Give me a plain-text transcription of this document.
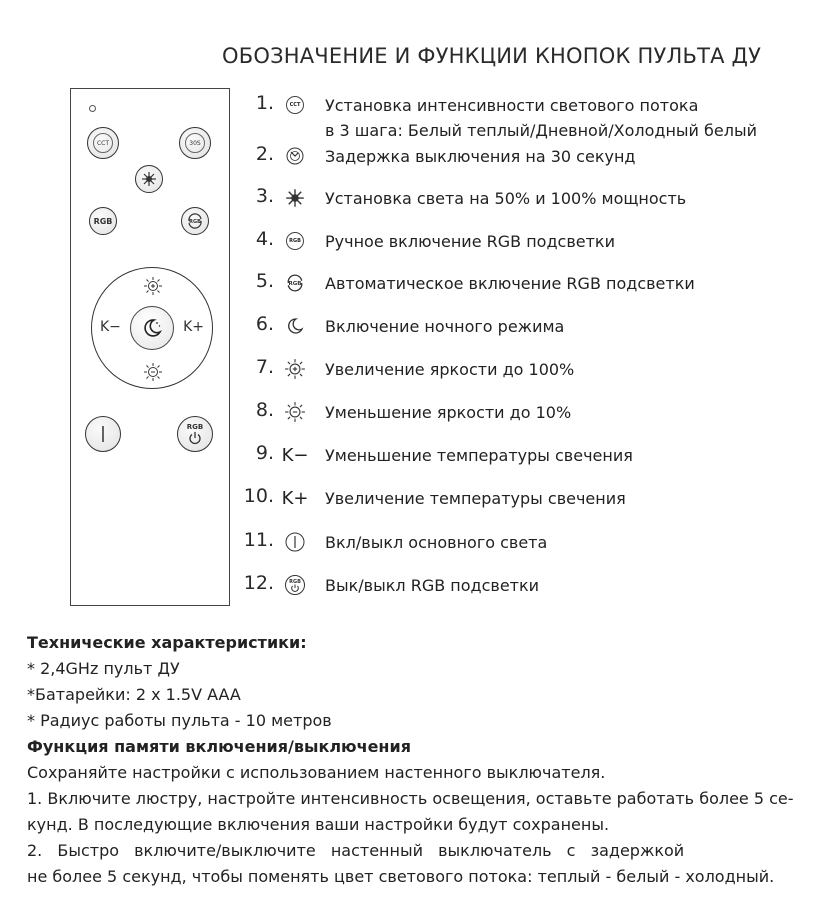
ОБОЗНАЧЕНИЕ И ФУНКЦИИ КНОПОК ПУЛЬТА ДУ
CCT	30S
RGB	RGB
K−	K+
RGB
1.	CCT Установка интенсивности светового потока
в 3 шага: Белый теплый/Дневной/Холодный белый
2.	Задержка выключения на 30 секунд
3.	Установка света на 50% и 100% мощность
4.	RGB Ручное включение RGB подсветки
5.	RGB Автоматическое включение RGB подсветки
6.	Включение ночного режима
7.	Увеличение яркости до 100%
8.	Уменьшение яркости до 10%
9. K− Уменьшение температуры свечения
10. K+ Увеличение температуры свечения
11.	Вкл/выкл основного света
12.	RGB Вык/выкл RGB подсветки

Технические характеристики:

* 2,4GHz пульт ДУ

*Батарейки: 2 x 1.5V AAA

* Радиус работы пульта - 10 метров

Функция памяти включения/выключения

Сохраняйте настройки с использованием настенного выключателя.

1. Включите люстру, настройте интенсивность освещения, оставьте работать более 5 се-

кунд. В последующие включения ваши настройки будут сохранены.

2. Быстро включите/выключите настенный выключатель с задержкой

не более 5 секунд, чтобы поменять цвет светового потока: теплый - белый - холодный.
